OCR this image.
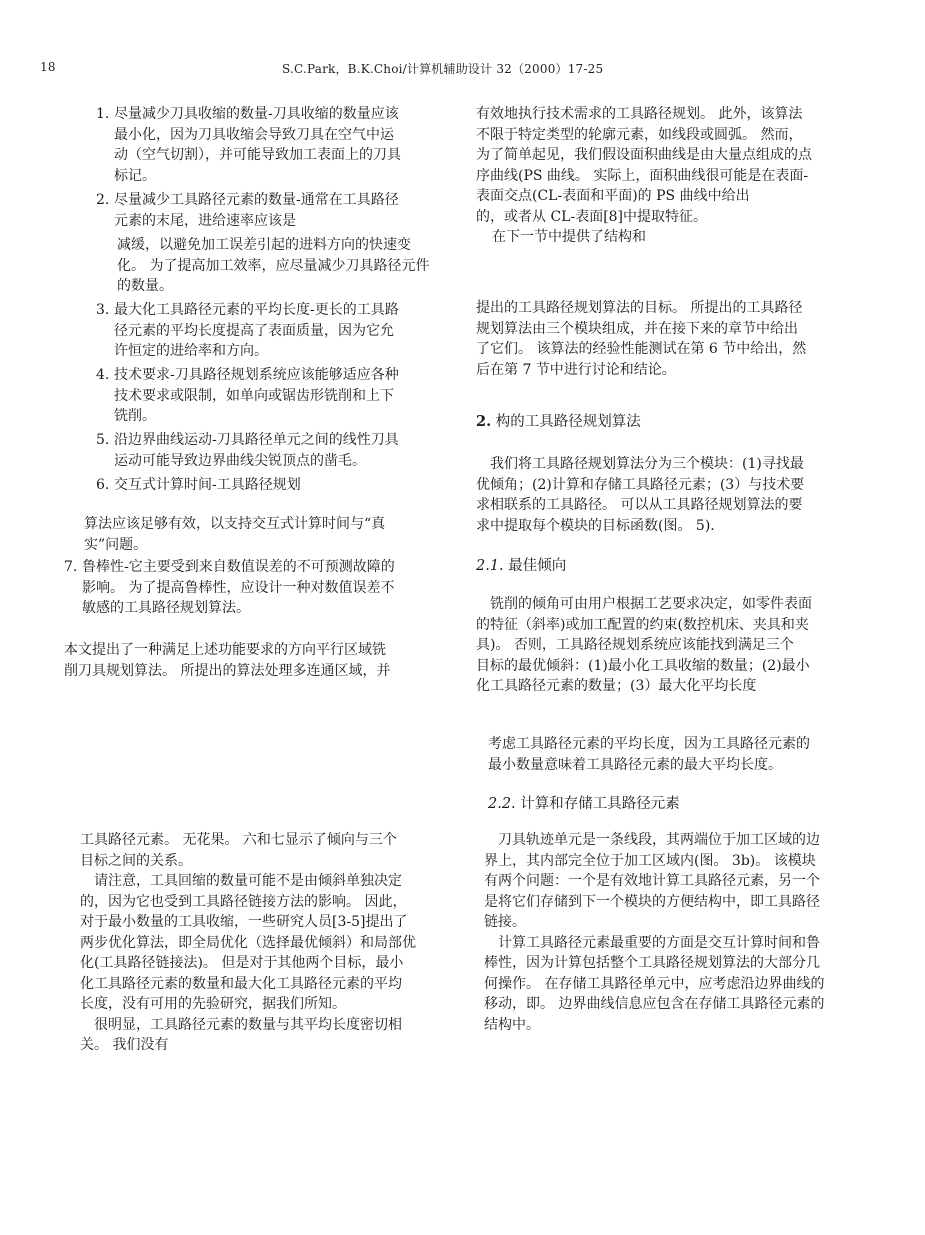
18	S.C.Park，B.K.Choi/计算机辅助设计 32（2000）17-25
1. 尽量减少刀具收缩的数量-刀具收缩的数量应该

最小化，因为刀具收缩会导致刀具在空气中运

动（空气切割），并可能导致加工表面上的刀具

标记。

2. 尽量减少工具路径元素的数量-通常在工具路径

元素的末尾，进给速率应该是

减缓，以避免加工误差引起的进料方向的快速变

化。 为了提高加工效率，应尽量减少刀具路径元件

的数量。

3. 最大化工具路径元素的平均长度-更长的工具路

径元素的平均长度提高了表面质量，因为它允

许恒定的进给率和方向。

4. 技术要求-刀具路径规划系统应该能够适应各种

技术要求或限制，如单向或锯齿形铣削和上下

铣削。

5. 沿边界曲线运动-刀具路径单元之间的线性刀具

运动可能导致边界曲线尖锐顶点的凿毛。

6. 交互式计算时间-工具路径规划

算法应该足够有效，以支持交互式计算时间与“真

实”问题。

7. 鲁棒性-它主要受到来自数值误差的不可预测故障的

影响。 为了提高鲁棒性，应设计一种对数值误差不

敏感的工具路径规划算法。

本文提出了一种满足上述功能要求的方向平行区域铣

削刀具规划算法。 所提出的算法处理多连通区域，并

工具路径元素。 无花果。 六和七显示了倾向与三个

目标之间的关系。

请注意，工具回缩的数量可能不是由倾斜单独决定

的，因为它也受到工具路径链接方法的影响。 因此，

对于最小数量的工具收缩，一些研究人员[3-5]提出了

两步优化算法，即全局优化（选择最优倾斜）和局部优

化(工具路径链接法)。 但是对于其他两个目标，最小

化工具路径元素的数量和最大化工具路径元素的平均

长度，没有可用的先验研究，据我们所知。

很明显，工具路径元素的数量与其平均长度密切相

关。 我们没有

有效地执行技术需求的工具路径规划。 此外，该算法

不限于特定类型的轮廓元素，如线段或圆弧。 然而，

为了简单起见，我们假设面积曲线是由大量点组成的点

序曲线(PS 曲线。 实际上，面积曲线很可能是在表面-

表面交点(CL-表面和平面)的 PS 曲线中给出

的，或者从 CL-表面[8]中提取特征。

在下一节中提供了结构和

提出的工具路径规划算法的目标。 所提出的工具路径

规划算法由三个模块组成，并在接下来的章节中给出

了它们。 该算法的经验性能测试在第 6 节中给出，然

后在第 7 节中进行讨论和结论。

2. 构的工具路径规划算法

我们将工具路径规划算法分为三个模块：(1)寻找最

优倾角；(2)计算和存储工具路径元素；(3）与技术要

求相联系的工具路径。 可以从工具路径规划算法的要

求中提取每个模块的目标函数(图。 5).

2.1. 最佳倾向

铣削的倾角可由用户根据工艺要求决定，如零件表面

的特征（斜率)或加工配置的约束(数控机床、夹具和夹

具)。 否则，工具路径规划系统应该能找到满足三个

目标的最优倾斜：(1)最小化工具收缩的数量；(2)最小

化工具路径元素的数量；(3）最大化平均长度

考虑工具路径元素的平均长度，因为工具路径元素的

最小数量意味着工具路径元素的最大平均长度。

2.2. 计算和存储工具路径元素

刀具轨迹单元是一条线段，其两端位于加工区域的边

界上，其内部完全位于加工区域内(图。 3b)。 该模块

有两个问题：一个是有效地计算工具路径元素，另一个

是将它们存储到下一个模块的方便结构中，即工具路径

链接。

计算工具路径元素最重要的方面是交互计算时间和鲁

棒性，因为计算包括整个工具路径规划算法的大部分几

何操作。 在存储工具路径单元中，应考虑沿边界曲线的

移动，即。 边界曲线信息应包含在存储工具路径元素的

结构中。
